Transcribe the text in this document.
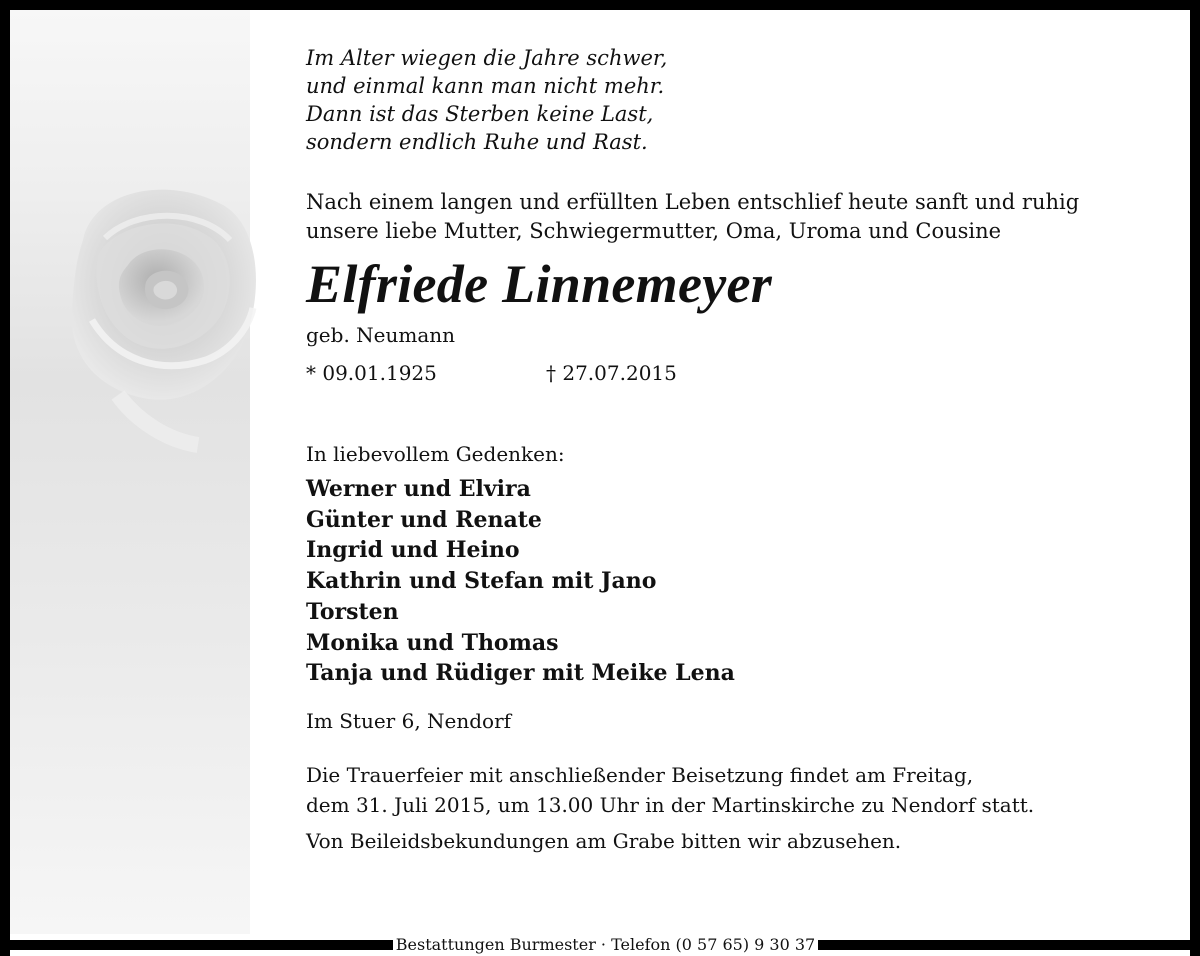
Im Alter wiegen die Jahre schwer,
und einmal kann man nicht mehr.
Dann ist das Sterben keine Last,
sondern endlich Ruhe und Rast.
Nach einem langen und erfüllten Leben entschlief heute sanft und ruhig
unsere liebe Mutter, Schwiegermutter, Oma, Uroma und Cousine
Elfriede Linnemeyer
geb. Neumann
* 09.01.1925	† 27.07.2015
In liebevollem Gedenken:
Werner und Elvira
Günter und Renate
Ingrid und Heino
Kathrin und Stefan mit Jano
Torsten
Monika und Thomas
Tanja und Rüdiger mit Meike Lena
Im Stuer 6, Nendorf
Die Trauerfeier mit anschließender Beisetzung findet am Freitag,
dem 31. Juli 2015, um 13.00 Uhr in der Martinskirche zu Nendorf statt.
Von Beileidsbekundungen am Grabe bitten wir abzusehen.
Bestattungen Burmester · Telefon (0 57 65) 9 30 37
